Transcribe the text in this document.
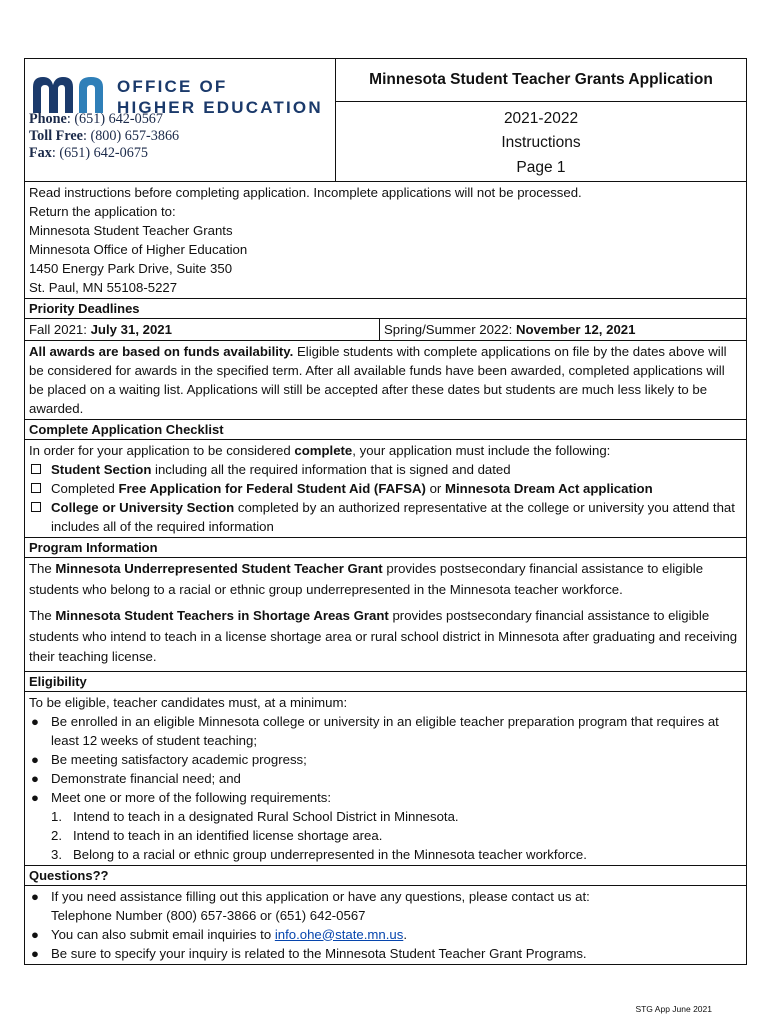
OFFICE OF
HIGHER EDUCATION
Phone: (651) 642-0567
Toll Free: (800) 657-3866
Fax: (651) 642-0675
Minnesota Student Teacher Grants Application
2021-2022
Instructions
Page 1
Read instructions before completing application. Incomplete applications will not be processed.
Return the application to:
Minnesota Student Teacher Grants
Minnesota Office of Higher Education
1450 Energy Park Drive, Suite 350
St. Paul, MN 55108-5227
Priority Deadlines
Fall 2021: July 31, 2021	Spring/Summer 2022: November 12, 2021
All awards are based on funds availability. Eligible students with complete applications on file by the dates above will be considered for awards in the specified term. After all available funds have been awarded, completed applications will be placed on a waiting list. Applications will still be accepted after these dates but students are much less likely to be awarded.
Complete Application Checklist
In order for your application to be considered complete, your application must include the following:
Student Section including all the required information that is signed and dated
Completed Free Application for Federal Student Aid (FAFSA) or Minnesota Dream Act application
College or University Section completed by an authorized representative at the college or university you attend that includes all of the required information
Program Information
The Minnesota Underrepresented Student Teacher Grant provides postsecondary financial assistance to eligible students who belong to a racial or ethnic group underrepresented in the Minnesota teacher workforce.
The Minnesota Student Teachers in Shortage Areas Grant provides postsecondary financial assistance to eligible students who intend to teach in a license shortage area or rural school district in Minnesota after graduating and receiving their teaching license.
Eligibility
To be eligible, teacher candidates must, at a minimum:
● Be enrolled in an eligible Minnesota college or university in an eligible teacher preparation program that requires at least 12 weeks of student teaching;
● Be meeting satisfactory academic progress;
● Demonstrate financial need; and
● Meet one or more of the following requirements:
1. Intend to teach in a designated Rural School District in Minnesota.
2. Intend to teach in an identified license shortage area.
3. Belong to a racial or ethnic group underrepresented in the Minnesota teacher workforce.
Questions??
● If you need assistance filling out this application or have any questions, please contact us at:
Telephone Number (800) 657-3866 or (651) 642-0567
● You can also submit email inquiries to info.ohe@state.mn.us.
● Be sure to specify your inquiry is related to the Minnesota Student Teacher Grant Programs.
STG App June 2021
